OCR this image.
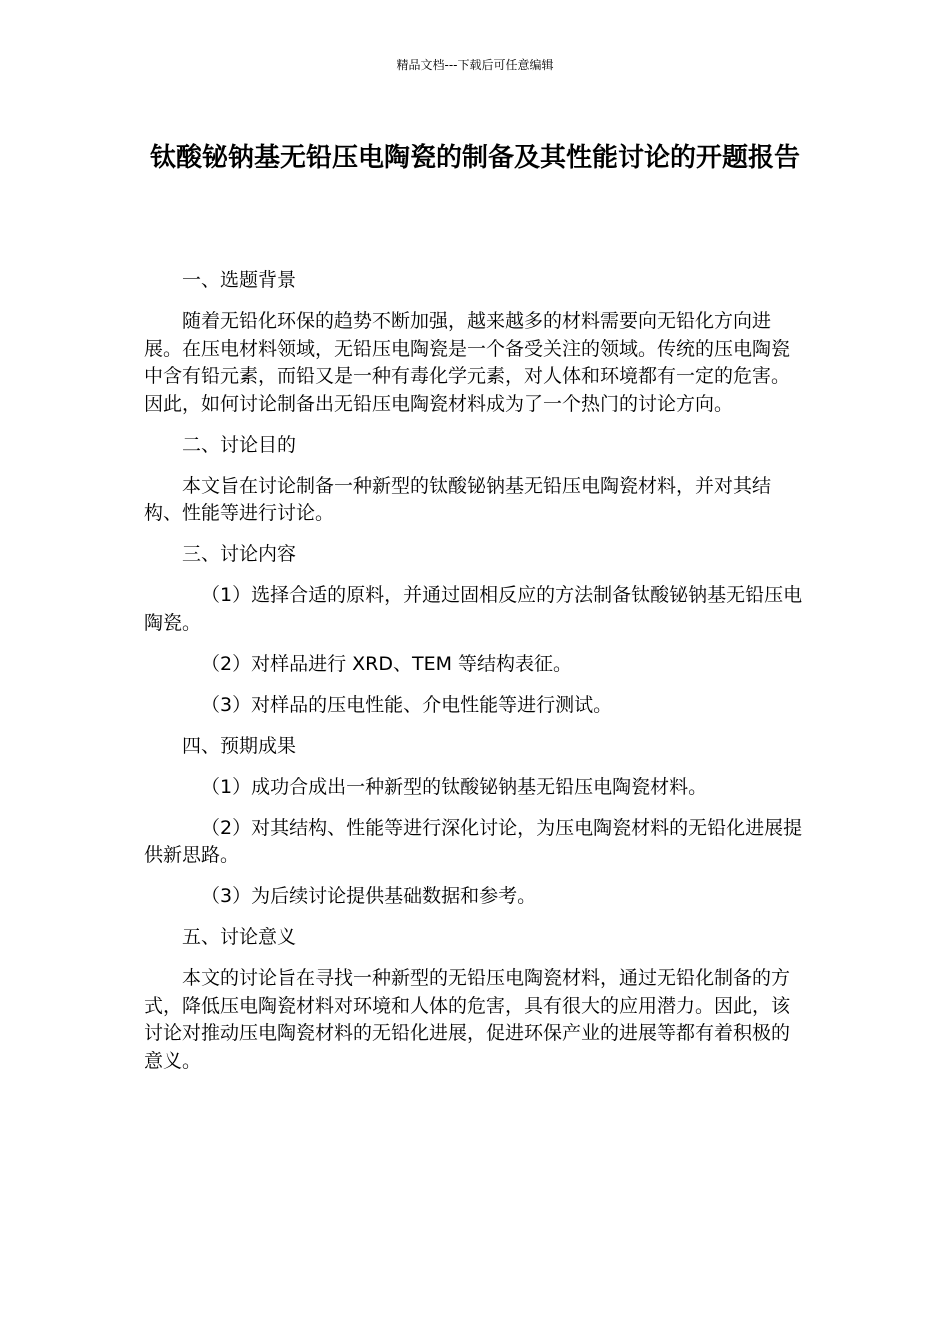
精品文档---下载后可任意编辑
钛酸铋钠基无铅压电陶瓷的制备及其性能讨论的开题报告

一、选题背景

随着无铅化环保的趋势不断加强，越来越多的材料需要向无铅化方向进展。在压电材料领域，无铅压电陶瓷是一个备受关注的领域。传统的压电陶瓷中含有铅元素，而铅又是一种有毒化学元素，对人体和环境都有一定的危害。因此，如何讨论制备出无铅压电陶瓷材料成为了一个热门的讨论方向。

二、讨论目的

本文旨在讨论制备一种新型的钛酸铋钠基无铅压电陶瓷材料，并对其结构、性能等进行讨论。

三、讨论内容

（1）选择合适的原料，并通过固相反应的方法制备钛酸铋钠基无铅压电陶瓷。

（2）对样品进行 XRD、TEM 等结构表征。

（3）对样品的压电性能、介电性能等进行测试。

四、预期成果

（1）成功合成出一种新型的钛酸铋钠基无铅压电陶瓷材料。

（2）对其结构、性能等进行深化讨论，为压电陶瓷材料的无铅化进展提供新思路。

（3）为后续讨论提供基础数据和参考。

五、讨论意义

本文的讨论旨在寻找一种新型的无铅压电陶瓷材料，通过无铅化制备的方式，降低压电陶瓷材料对环境和人体的危害，具有很大的应用潜力。因此，该讨论对推动压电陶瓷材料的无铅化进展，促进环保产业的进展等都有着积极的意义。
